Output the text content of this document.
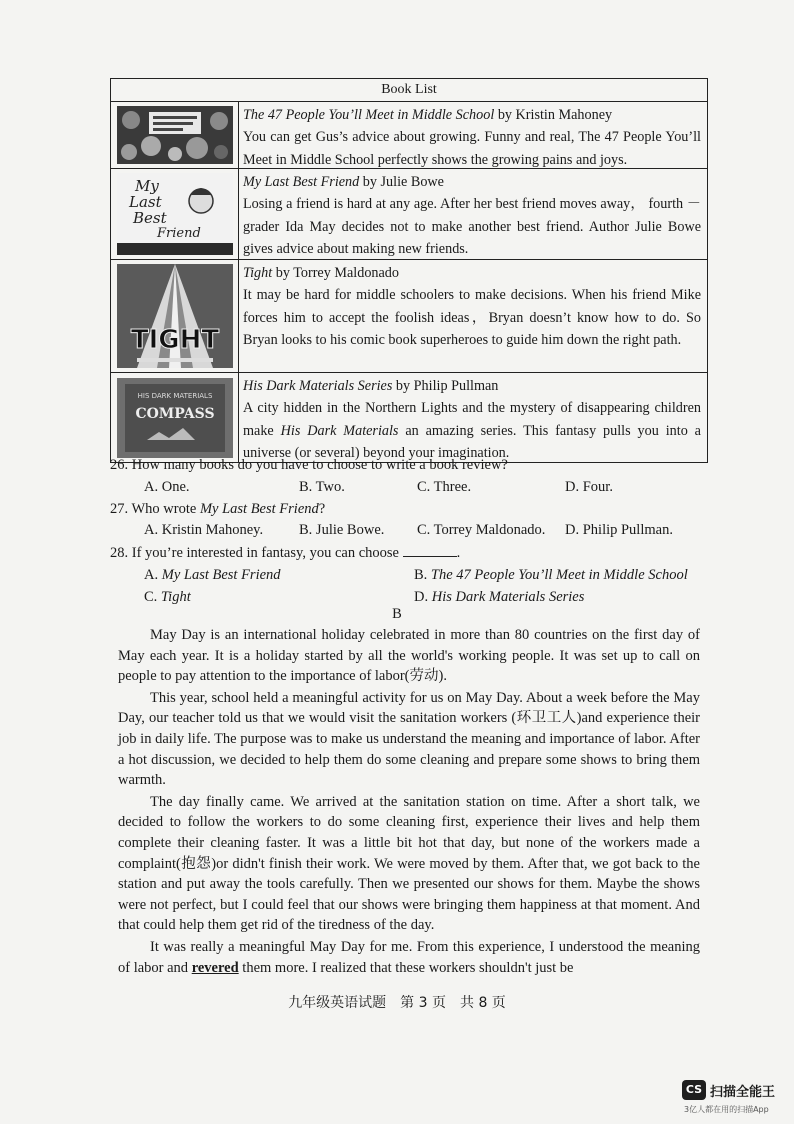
Book List
The 47 People You’ll Meet in Middle School by Kristin Mahoney
You can get Gus’s advice about growing. Funny and real, The 47 People You’ll Meet in Middle School perfectly shows the growing pains and joys.
My
Last
Best
Friend
My Last Best Friend by Julie Bowe
Losing a friend is hard at any age. After her best friend moves away， fourth －grader Ida May decides not to make another best friend. Author Julie Bowe gives advice about making new friends.
TIGHT
Tight by Torrey Maldonado
It may be hard for middle schoolers to make decisions. When his friend Mike forces him to accept the foolish ideas，Bryan doesn’t know how to do. So Bryan looks to his comic book superheroes to guide him down the right path.
HIS DARK MATERIALS
COMPASS
His Dark Materials Series by Philip Pullman
A city hidden in the Northern Lights and the mystery of disappearing children make His Dark Materials an amazing series. This fantasy pulls you into a universe (or several) beyond your imagination.
26. How many books do you have to choose to write a book review?
A. One.	B. Two.	C. Three.	D. Four.
27. Who wrote My Last Best Friend?
A. Kristin Mahoney.	B. Julie Bowe.	C. Torrey Maldonado.	D. Philip Pullman.
28. If you’re interested in fantasy, you can choose	.
A. My Last Best Friend	B. The 47 People You’ll Meet in Middle School
C. Tight	D. His Dark Materials Series
B

May Day is an international holiday celebrated in more than 80 countries on the first day of May each year. It is a holiday started by all the world's working people. It was set up to call on people to pay attention to the importance of labor(劳动).

This year, school held a meaningful activity for us on May Day. About a week before the May Day, our teacher told us that we would visit the sanitation workers (环卫工人)and experience their job in daily life. The purpose was to make us understand the meaning and importance of labor. After a hot discussion, we decided to help them do some cleaning and prepare some shows to bring them warmth.

The day finally came. We arrived at the sanitation station on time. After a short talk, we decided to follow the workers to do some cleaning first, experience their lives and help them complete their cleaning faster. It was a little bit hot that day, but none of the workers made a complaint(抱怨)or didn't finish their work. We were moved by them. After that, we got back to the station and put away the tools carefully. Then we presented our shows for them. Maybe the shows were not perfect, but I could feel that our shows were bringing them happiness at that moment. And that could help them get rid of the tiredness of the day.

It was really a meaningful May Day for me. From this experience, I understood the meaning of labor and revered them more. I realized that these workers shouldn't just be

九年级英语试题　第 3 页　共 8 页
CS 扫描全能王
3亿人都在用的扫描App
